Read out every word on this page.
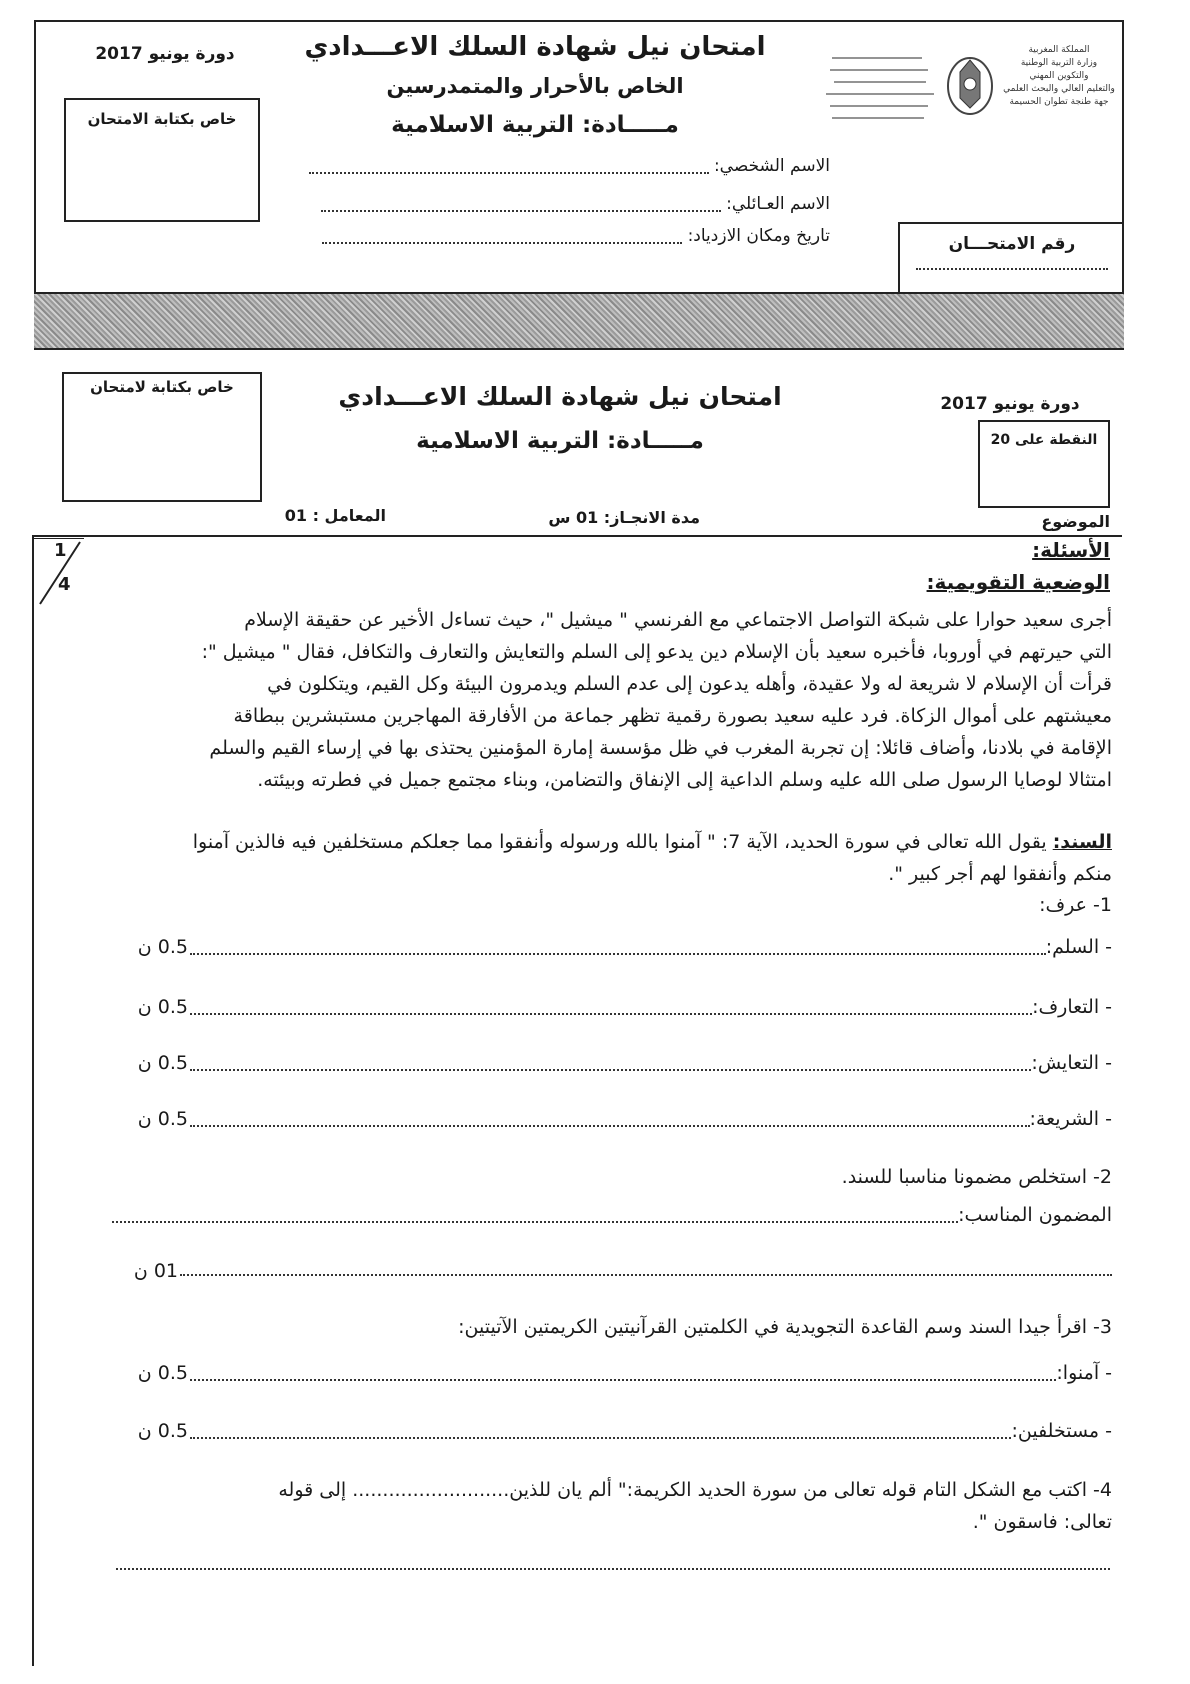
دورة يونيو 2017
خاص بكتابة الامتحان
امتحان نيل شهادة السلك الاعـــدادي
الخاص بالأحرار والمتمدرسين
مـــــادة: التربية الاسلامية
المملكة المغربية
وزارة التربية الوطنية
والتكوين المهني
والتعليم العالي والبحث العلمي
جهة طنجة تطوان الحسيمة
الاسم الشخصي:
الاسم العـائلي:
تاريخ ومكان الازدياد:	رقم الامتحـــان
خاص بكتابة لامتحان	امتحان نيل شهادة السلك الاعـــدادي
مـــــادة: التربية الاسلامية
دورة يونيو 2017
النقطة على 20
المعامل : 01	مدة الانجـاز: 01 س	الموضوع
1
4
الأسئلة:
الوضعية التقويمية:
أجرى سعيد حوارا على شبكة التواصل الاجتماعي مع الفرنسي " ميشيل "، حيث تساءل الأخير عن حقيقة الإسلام
التي حيرتهم في أوروبا، فأخبره سعيد بأن الإسلام دين يدعو إلى السلم والتعايش والتعارف والتكافل، فقال " ميشيل ":
قرأت أن الإسلام لا شريعة له ولا عقيدة، وأهله يدعون إلى عدم السلم ويدمرون البيئة وكل القيم، ويتكلون في
معيشتهم على أموال الزكاة. فرد عليه سعيد بصورة رقمية تظهر جماعة من الأفارقة المهاجرين مستبشرين ببطاقة
الإقامة في بلادنا، وأضاف قائلا: إن تجربة المغرب في ظل مؤسسة إمارة المؤمنين يحتذى بها في إرساء القيم والسلم
امتثالا لوصايا الرسول صلى الله عليه وسلم الداعية إلى الإنفاق والتضامن، وبناء مجتمع جميل في فطرته وبيئته.
السند: يقول الله تعالى في سورة الحديد، الآية 7: " آمنوا بالله ورسوله وأنفقوا مما جعلكم مستخلفين فيه فالذين آمنوا
منكم وأنفقوا لهم أجر كبير ".
1- عرف:
- السلم:
0.5 ن
- التعارف:
0.5 ن
- التعايش:
0.5 ن
- الشريعة:
0.5 ن
2- استخلص مضمونا مناسبا للسند.
المضمون المناسب:
01 ن
3- اقرأ جيدا السند وسم القاعدة التجويدية في الكلمتين القرآنيتين الكريمتين الآتيتين:
- آمنوا:
0.5 ن
- مستخلفين:
0.5 ن
4- اكتب مع الشكل التام قوله تعالى من سورة الحديد الكريمة:" ألم يان للذين.......................... إلى قوله
تعالى: فاسقون ".
